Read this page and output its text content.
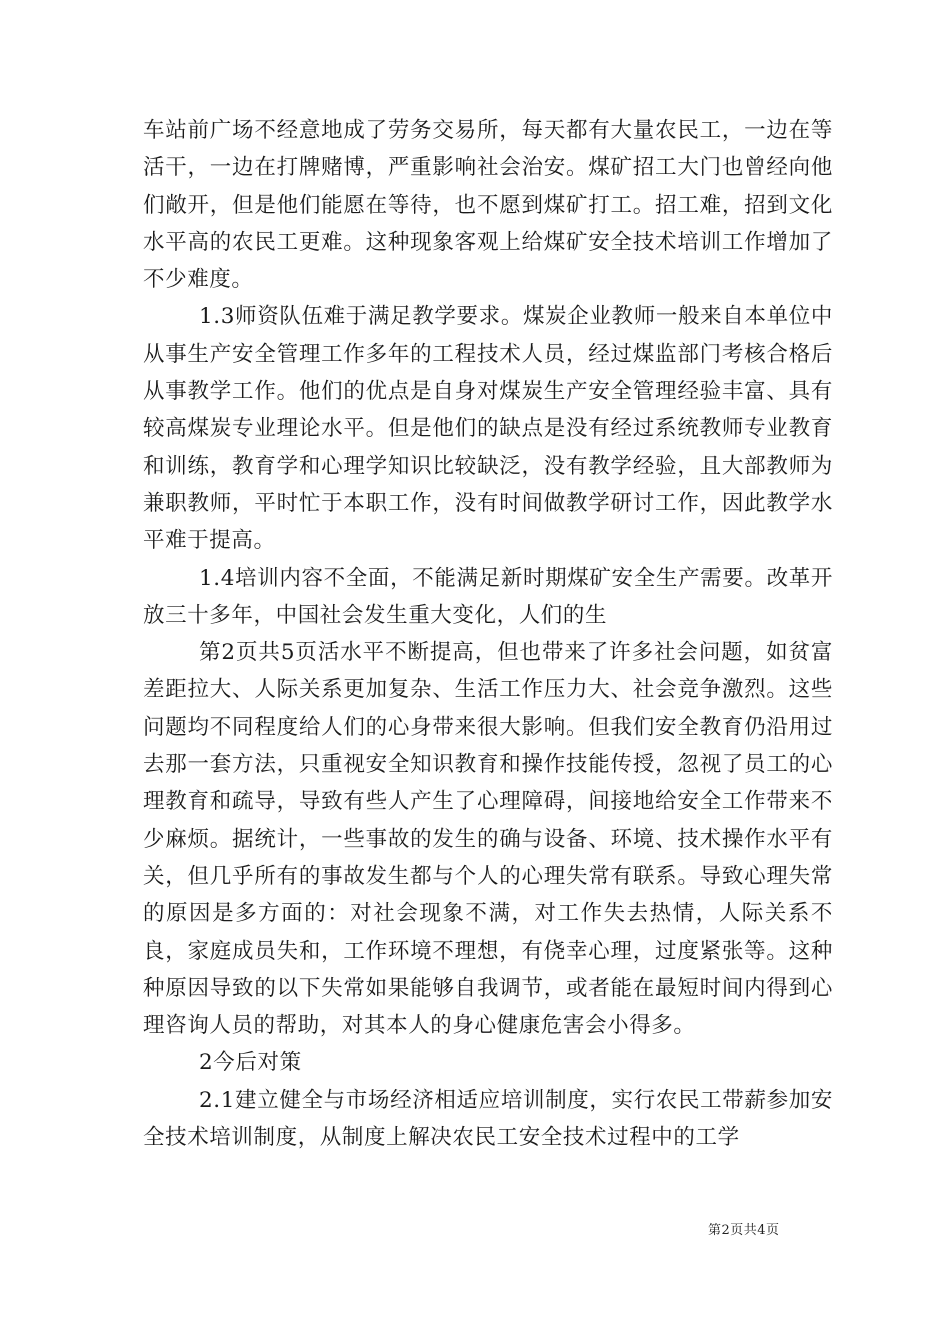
车站前广场不经意地成了劳务交易所，每天都有大量农民工，一边在等活干，一边在打牌赌博，严重影响社会治安。煤矿招工大门也曾经向他们敞开，但是他们能愿在等待，也不愿到煤矿打工。招工难，招到文化水平高的农民工更难。这种现象客观上给煤矿安全技术培训工作增加了不少难度。

1.3师资队伍难于满足教学要求。煤炭企业教师一般来自本单位中从事生产安全管理工作多年的工程技术人员，经过煤监部门考核合格后从事教学工作。他们的优点是自身对煤炭生产安全管理经验丰富、具有较高煤炭专业理论水平。但是他们的缺点是没有经过系统教师专业教育和训练，教育学和心理学知识比较缺泛，没有教学经验，且大部教师为兼职教师，平时忙于本职工作，没有时间做教学研讨工作，因此教学水平难于提高。

1.4培训内容不全面，不能满足新时期煤矿安全生产需要。改革开放三十多年，中国社会发生重大变化，人们的生

第2页共5页活水平不断提高，但也带来了许多社会问题，如贫富差距拉大、人际关系更加复杂、生活工作压力大、社会竞争激烈。这些问题均不同程度给人们的心身带来很大影响。但我们安全教育仍沿用过去那一套方法，只重视安全知识教育和操作技能传授，忽视了员工的心理教育和疏导，导致有些人产生了心理障碍，间接地给安全工作带来不少麻烦。据统计，一些事故的发生的确与设备、环境、技术操作水平有关，但几乎所有的事故发生都与个人的心理失常有联系。导致心理失常的原因是多方面的：对社会现象不满，对工作失去热情，人际关系不良，家庭成员失和，工作环境不理想，有侥幸心理，过度紧张等。这种种原因导致的以下失常如果能够自我调节，或者能在最短时间内得到心理咨询人员的帮助，对其本人的身心健康危害会小得多。

2今后对策

2.1建立健全与市场经济相适应培训制度，实行农民工带薪参加安全技术培训制度，从制度上解决农民工安全技术过程中的工学

第2页共4页
